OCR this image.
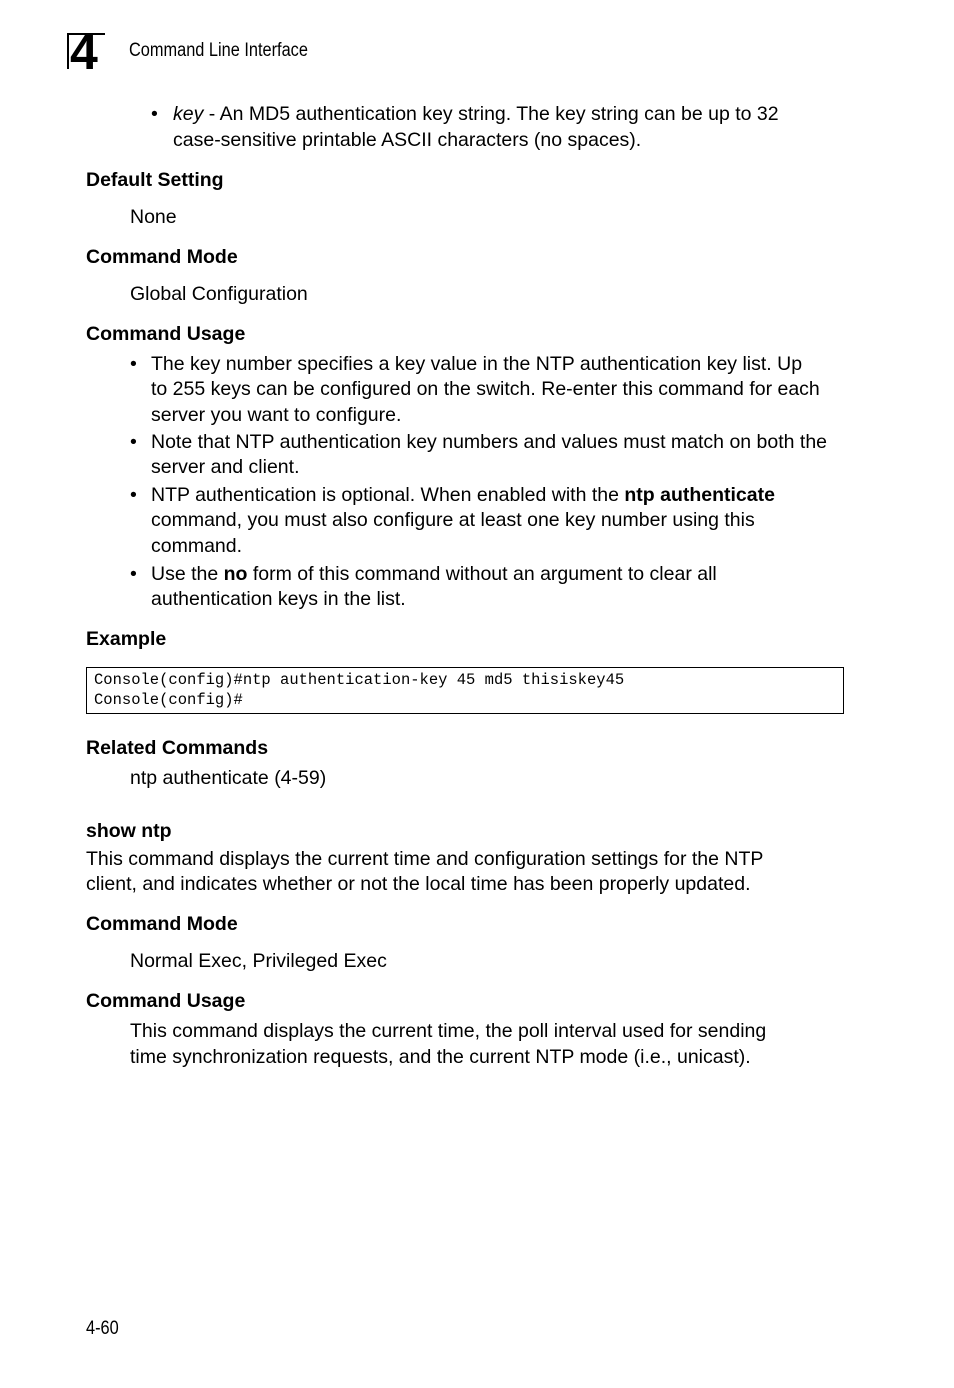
4 Command Line Interface
• key - An MD5 authentication key string. The key string can be up to 32
case-sensitive printable ASCII characters (no spaces).
Default Setting
None
Command Mode
Global Configuration
Command Usage
• The key number specifies a key value in the NTP authentication key list. Up
to 255 keys can be configured on the switch. Re-enter this command for each
server you want to configure.
• Note that NTP authentication key numbers and values must match on both the
server and client.
• NTP authentication is optional. When enabled with the ntp authenticate
command, you must also configure at least one key number using this
command.
• Use the no form of this command without an argument to clear all
authentication keys in the list.
Example
Console(config)#ntp authentication-key 45 md5 thisiskey45
Console(config)#
Related Commands
ntp authenticate (4-59)
show ntp
This command displays the current time and configuration settings for the NTP
client, and indicates whether or not the local time has been properly updated.
Command Mode
Normal Exec, Privileged Exec
Command Usage
This command displays the current time, the poll interval used for sending
time synchronization requests, and the current NTP mode (i.e., unicast).
4-60
